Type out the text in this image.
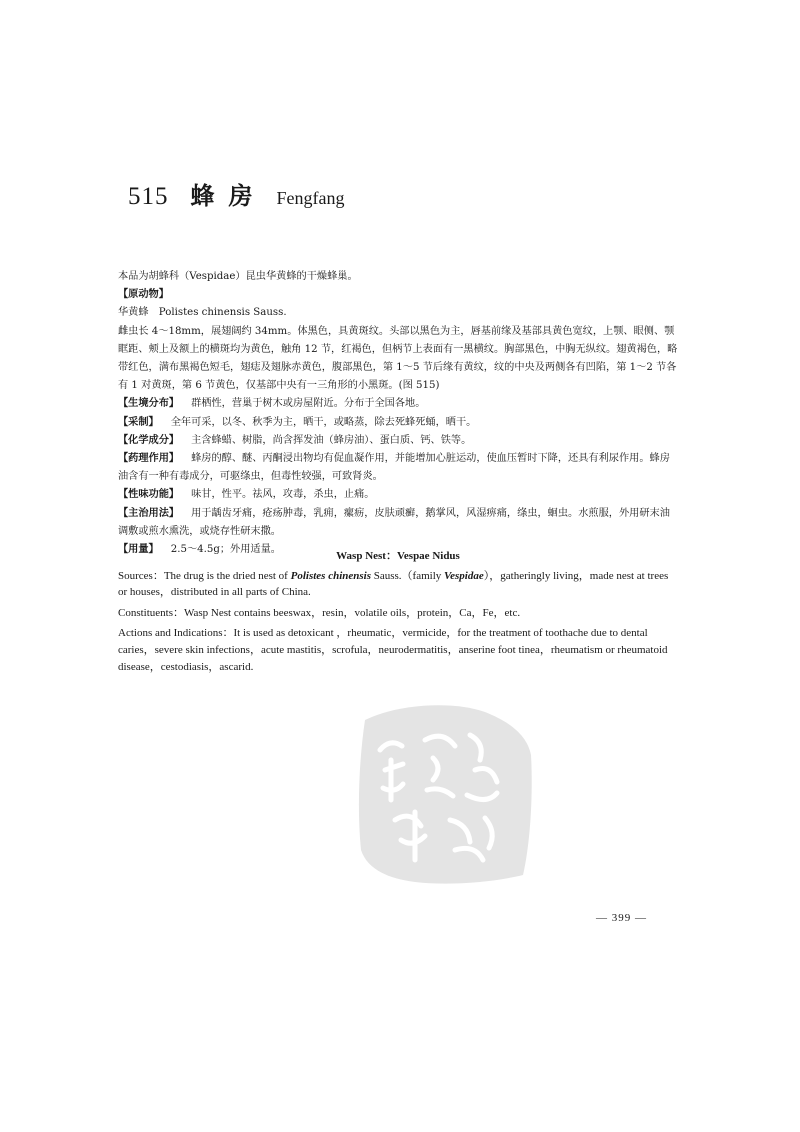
515 蜂房 Fengfang

本品为胡蜂科（Vespidae）昆虫华黄蜂的干燥蜂巢。

【原动物】

华黄蜂　Polistes chinensis Sauss.

雌虫长 4～18mm，展翅阔约 34mm。体黑色，具黄斑纹。头部以黑色为主，唇基前缘及基部具黄色宽纹，上颚、眼侧、颚眶距、颊上及额上的横斑均为黄色，触角 12 节，红褐色，但柄节上表面有一黑横纹。胸部黑色，中胸无纵纹。翅黄褐色，略带红色，满布黑褐色短毛，翅痣及翅脉赤黄色，腹部黑色，第 1～5 节后缘有黄纹，纹的中央及两侧各有凹陷，第 1～2 节各有 1 对黄斑，第 6 节黄色，仅基部中央有一三角形的小黑斑。(图 515)

【生境分布】 群栖性，营巢于树木或房屋附近。分布于全国各地。

【采制】 全年可采，以冬、秋季为主，晒干，或略蒸，除去死蜂死蛹，晒干。

【化学成分】 主含蜂蜡、树脂，尚含挥发油（蜂房油）、蛋白质、钙、铁等。

【药理作用】 蜂房的醇、醚、丙酮浸出物均有促血凝作用，并能增加心脏运动，使血压暂时下降，还具有利尿作用。蜂房油含有一种有毒成分，可驱绦虫，但毒性较强，可致肾炎。

【性味功能】 味甘，性平。祛风，攻毒，杀虫，止痛。

【主治用法】 用于龋齿牙痛，疮疡肿毒，乳痈，瘰疬，皮肤顽癣，鹅掌风，风湿痹痛，绦虫，蛔虫。水煎服，外用研末油调敷或煎水熏洗，或烧存性研末撒。

【用量】 2.5～4.5g；外用适量。

Wasp Nest：Vespae Nidus

Sources：The drug is the dried nest of Polistes chinensis Sauss.（family Vespidae），gatheringly living，made nest at trees or houses，distributed in all parts of China.

Constituents：Wasp Nest contains beeswax，resin，volatile oils，protein，Ca，Fe，etc.

Actions and Indications：It is used as detoxicant ，rheumatic，vermicide，for the treatment of toothache due to dental caries，severe skin infections，acute mastitis，scrofula，neurodermatitis，anserine foot tinea，rheumatism or rheumatoid disease，cestodiasis，ascarid.

— 399 —
